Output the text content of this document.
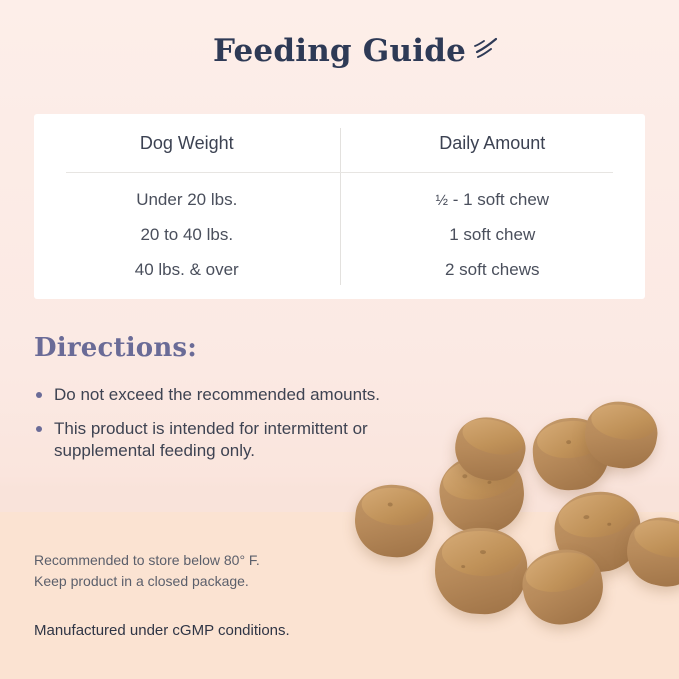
Feeding Guide
Dog Weight	Daily Amount
Under 20 lbs.	½ - 1 soft chew
20 to 40 lbs.	1 soft chew
40 lbs. & over	2 soft chews
Directions:
Do not exceed the recommended amounts.
This product is intended for intermittent or supplemental feeding only.
Recommended to store below 80° F.
Keep product in a closed package.
Manufactured under cGMP conditions.
